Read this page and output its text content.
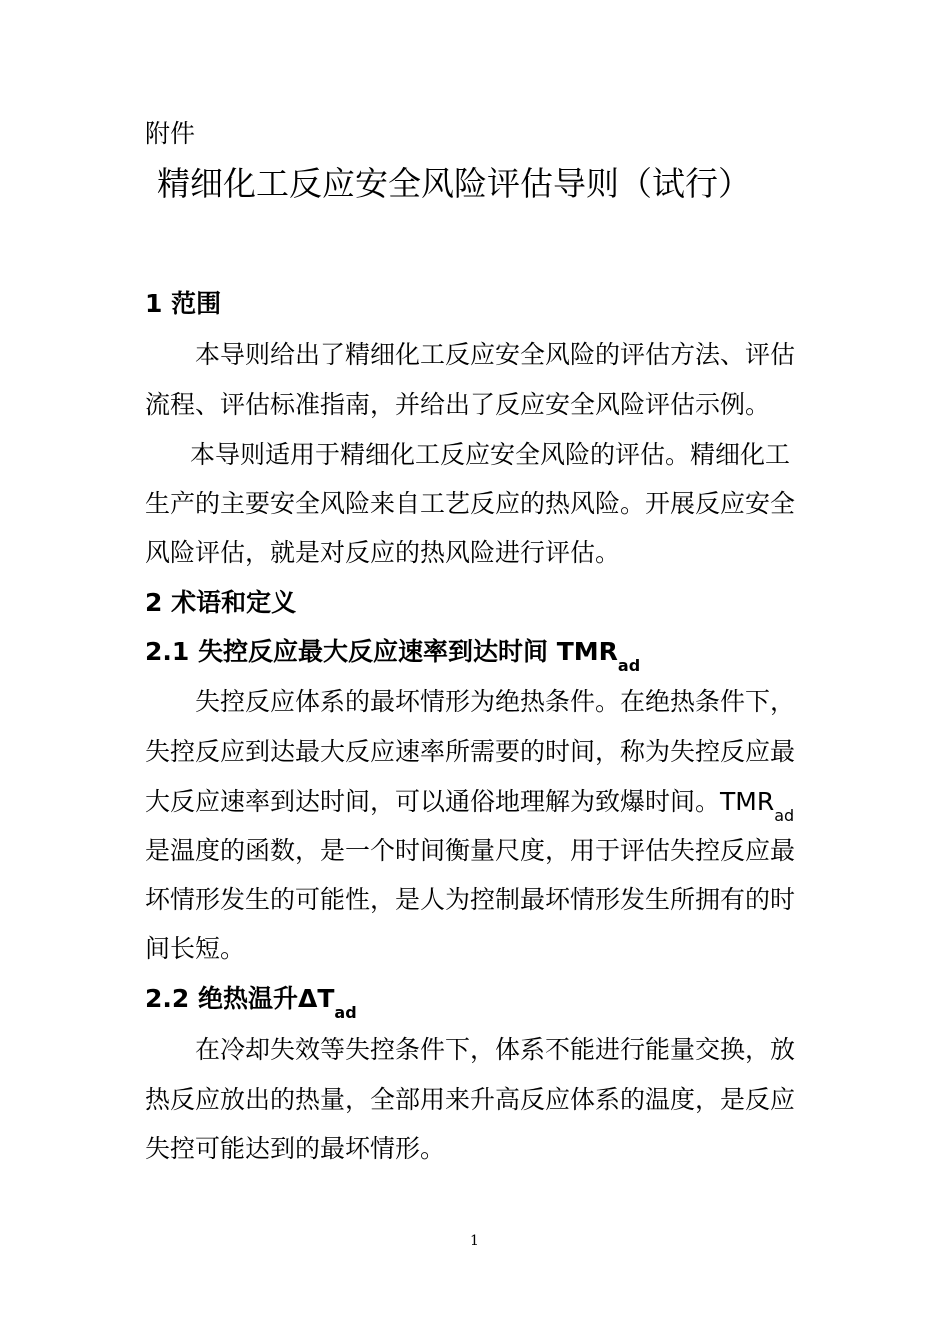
附件
精细化工反应安全风险评估导则（试行）
1 范围
本导则给出了精细化工反应安全风险的评估方法、评估
流程、评估标准指南，并给出了反应安全风险评估示例。
本导则适用于精细化工反应安全风险的评估。精细化工
生产的主要安全风险来自工艺反应的热风险。开展反应安全
风险评估，就是对反应的热风险进行评估。
2 术语和定义
2.1 失控反应最大反应速率到达时间 $TMR_{ad}$
失控反应体系的最坏情形为绝热条件。在绝热条件下，
失控反应到达最大反应速率所需要的时间，称为失控反应最
大反应速率到达时间，可以通俗地理解为致爆时间。$TMR_{ad}$
是温度的函数，是一个时间衡量尺度，用于评估失控反应最
坏情形发生的可能性，是人为控制最坏情形发生所拥有的时
间长短。
2.2 绝热温升$\Delta T_{ad}$
在冷却失效等失控条件下，体系不能进行能量交换，放
热反应放出的热量，全部用来升高反应体系的温度，是反应
失控可能达到的最坏情形。
1
